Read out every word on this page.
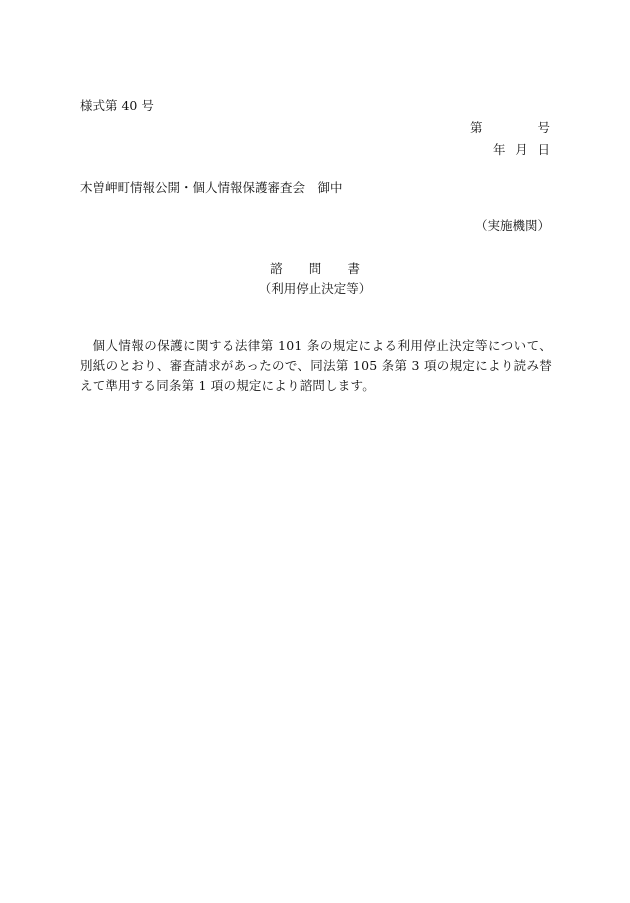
様式第 40 号
第	号
年 月 日
木曽岬町情報公開・個人情報保護審査会　御中
（実施機関）
諮 問 書
（利用停止決定等）
個人情報の保護に関する法律第 101 条の規定による利用停止決定等について、別紙のとおり、審査請求があったので、同法第 105 条第 3 項の規定により読み替えて準用する同条第 1 項の規定により諮問します。
